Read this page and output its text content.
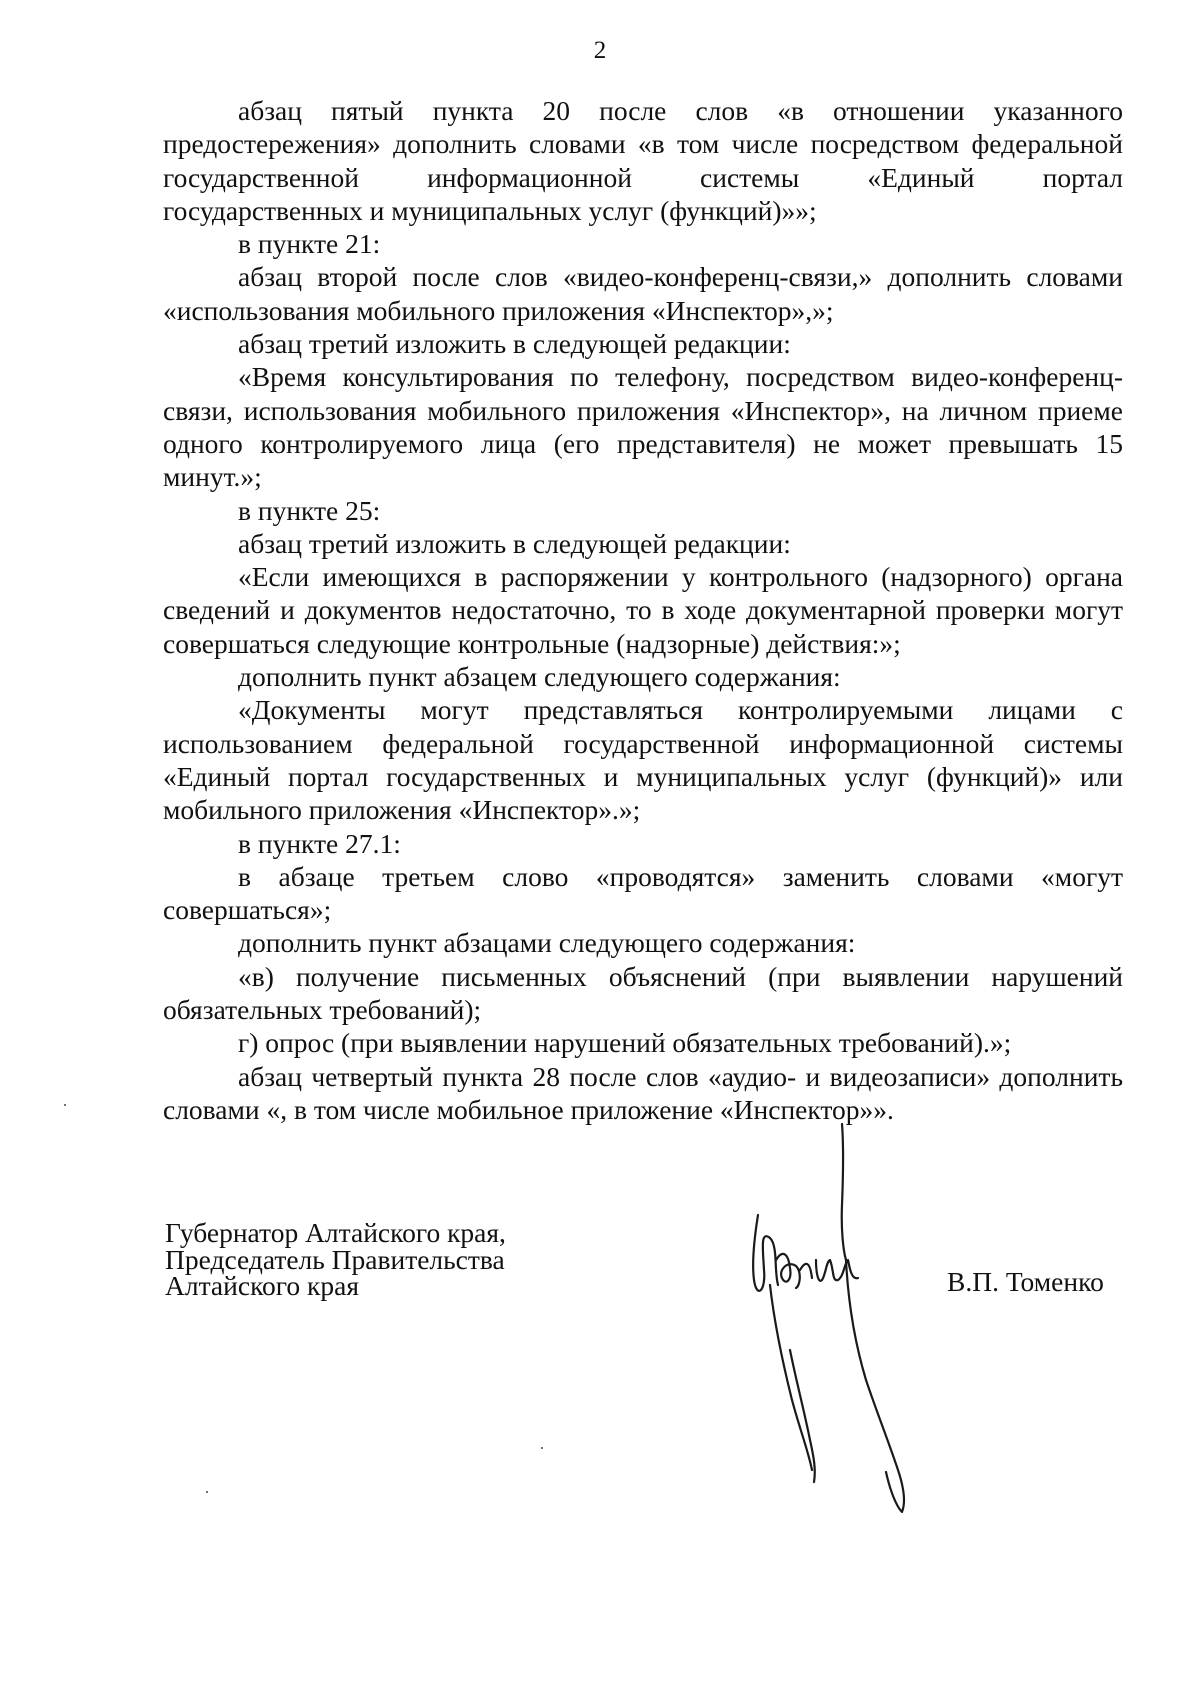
2

абзац пятый пункта 20 после слов «в отношении указанного предостережения» дополнить словами «в том числе посредством федеральной государственной информационной системы «Единый портал

государственных и муниципальных услуг (функций)»»;

в пункте 21:

абзац второй после слов «видео-конференц-связи,» дополнить словами «использования мобильного приложения «Инспектор»,»;

абзац третий изложить в следующей редакции:

«Время консультирования по телефону, посредством видео-конференц-связи, использования мобильного приложения «Инспектор», на личном приеме одного контролируемого лица (его представителя) не может превышать 15 минут.»;

в пункте 25:

абзац третий изложить в следующей редакции:

«Если имеющихся в распоряжении у контрольного (надзорного) органа сведений и документов недостаточно, то в ходе документарной проверки могут совершаться следующие контрольные (надзорные) действия:»;

дополнить пункт абзацем следующего содержания:

«Документы могут представляться контролируемыми лицами с использованием федеральной государственной информационной системы «Единый портал государственных и муниципальных услуг (функций)» или мобильного приложения «Инспектор».»;

в пункте 27.1:

в абзаце третьем слово «проводятся» заменить словами «могут совершаться»;

дополнить пункт абзацами следующего содержания:

«в) получение письменных объяснений (при выявлении нарушений обязательных требований);

г) опрос (при выявлении нарушений обязательных требований).»;

абзац четвертый пункта 28 после слов «аудио- и видеозаписи» дополнить словами «, в том числе мобильное приложение «Инспектор»».

Губернатор Алтайского края,
Председатель Правительства
Алтайского края	В.П. Томенко
